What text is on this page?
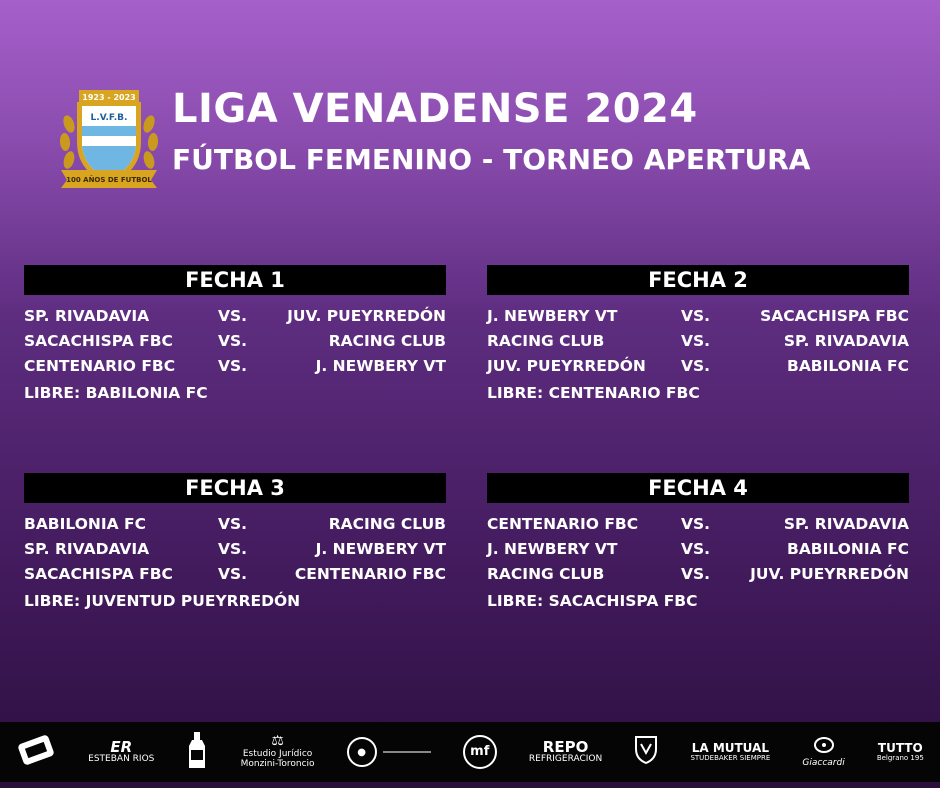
1923 - 2023
L.V.F.B.
100 AÑOS DE FUTBOL
LIGA VENADENSE 2024
FÚTBOL FEMENINO - TORNEO APERTURA
FECHA 1
SP. RIVADAVIA	VS.	JUV. PUEYRREDÓN
SACACHISPA FBC	VS.	RACING CLUB
CENTENARIO FBC	VS.	J. NEWBERY VT
LIBRE: BABILONIA FC
FECHA 2
J. NEWBERY VT	VS.	SACACHISPA FBC
RACING CLUB	VS.	SP. RIVADAVIA
JUV. PUEYRREDÓN VS.	BABILONIA FC
LIBRE: CENTENARIO FBC
FECHA 3
BABILONIA FC	VS.	RACING CLUB
SP. RIVADAVIA	VS.	J. NEWBERY VT
SACACHISPA FBC	VS.	CENTENARIO FBC
LIBRE: JUVENTUD PUEYRREDÓN
FECHA 4
CENTENARIO FBC	VS.	SP. RIVADAVIA
J. NEWBERY VT	VS.	BABILONIA FC
RACING CLUB	VS.	JUV. PUEYRREDÓN
LIBRE: SACACHISPA FBC
ER
ESTEBAN RIOS
⚖
Estudio Jurídico
Monzini-Toroncio
●	mf	REPO
REFRIGERACION
LA MUTUAL
STUDEBAKER SIEMPRE
Giaccardi
TUTTO
Belgrano 195
